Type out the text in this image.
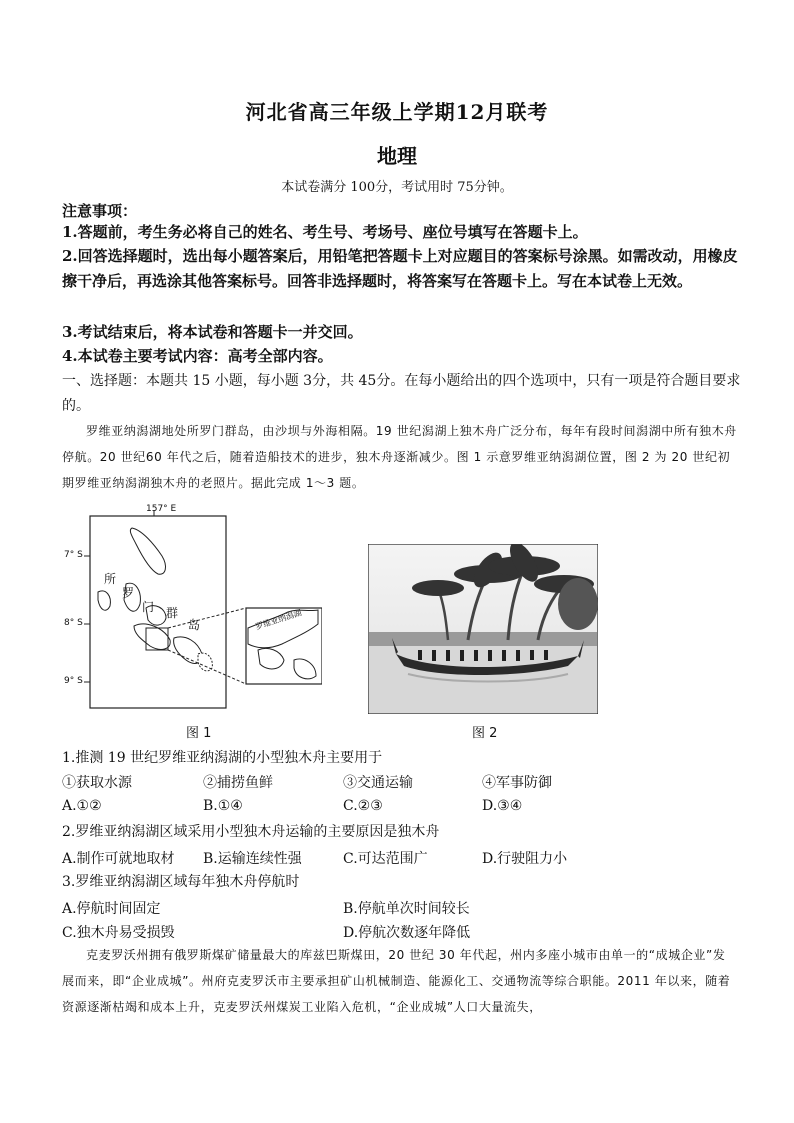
河北省高三年级上学期12月联考
地理
本试卷满分 100分，考试用时 75分钟。
注意事项：
1.答题前，考生务必将自己的姓名、考生号、考场号、座位号填写在答题卡上。
2.回答选择题时，选出每小题答案后，用铅笔把答题卡上对应题目的答案标号涂黑。如需改动，用橡皮擦干净后，再选涂其他答案标号。回答非选择题时，将答案写在答题卡上。写在本试卷上无效。
3.考试结束后，将本试卷和答题卡一并交回。
4.本试卷主要考试内容：高考全部内容。
一、选择题：本题共 15 小题，每小题 3分，共 45分。在每小题给出的四个选项中，只有一项是符合题目要求的。
罗维亚纳潟湖地处所罗门群岛，由沙坝与外海相隔。19 世纪潟湖上独木舟广泛分布，每年有段时间潟湖中所有独木舟停航。20 世纪60 年代之后，随着造船技术的进步，独木舟逐渐减少。图 1 示意罗维亚纳潟湖位置，图 2 为 20 世纪初期罗维亚纳潟湖独木舟的老照片。据此完成 1～3 题。
157° E
7° S
8° S
9° S
所
罗
门 群
岛	罗维亚纳潟湖
图 1	图 2
1.推测 19 世纪罗维亚纳潟湖的小型独木舟主要用于
①获取水源	②捕捞鱼鲜	③交通运输	④军事防御
A.①②	B.①④	C.②③	D.③④
2.罗维亚纳潟湖区域采用小型独木舟运输的主要原因是独木舟
A.制作可就地取材 B.运输连续性强	C.可达范围广	D.行驶阻力小
3.罗维亚纳潟湖区域每年独木舟停航时
A.停航时间固定	B.停航单次时间较长
C.独木舟易受损毁	D.停航次数逐年降低
克麦罗沃州拥有俄罗斯煤矿储量最大的库兹巴斯煤田，20 世纪 30 年代起，州内多座小城市由单一的“成城企业”发展而来，即“企业成城”。州府克麦罗沃市主要承担矿山机械制造、能源化工、交通物流等综合职能。2011 年以来，随着资源逐渐枯竭和成本上升，克麦罗沃州煤炭工业陷入危机，“企业成城”人口大量流失，
